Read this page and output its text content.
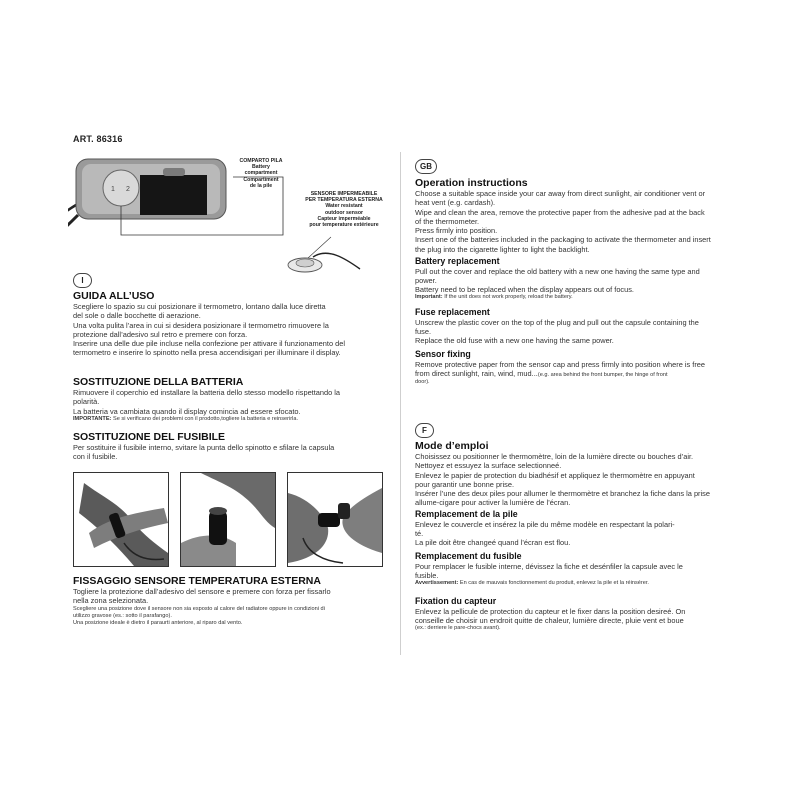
ART. 86316
1 2
COMPARTO PILA
Battery
compartment
Compartiment
de la pile
SENSORE IMPERMEABILE
PER TEMPERATURA ESTERNA
Water resistant
outdoor sensor
Capteur imperméable
pour temperature extérieure
I

GUIDA ALL’USO

Scegliere lo spazio su cui posizionare il termometro, lontano dalla luce diretta

del sole o dalle bocchette di aerazione.

Una volta pulita l’area in cui si desidera posizionare il termometro rimuovere la

protezione dall’adesivo sul retro e premere con forza.

Inserire una delle due pile incluse nella confezione per attivare il funzionamento del

termometro e inserire lo spinotto nella presa accendisigari per illuminare il display.

SOSTITUZIONE DELLA BATTERIA

Rimuovere il coperchio ed installare la batteria dello stesso modello rispettando la

polarità.

La batteria va cambiata quando il display comincia ad essere sfocato.

IMPORTANTE: Se si verificano dei problemi con il prodotto,togliere la batteria e reinserirla.

SOSTITUZIONE DEL FUSIBILE

Per sostituire il fusibile interno, svitare la punta dello spinotto e sfilare la capsula

con il fusibile.

FISSAGGIO SENSORE TEMPERATURA ESTERNA

Togliere la protezione dall’adesivo del sensore e premere con forza per fissarlo

nella zona selezionata.

Scegliere una posizione dove il sensore non sia esposto al calore del radiatore oppure in condizioni di

utilizzo gravose (es.: sotto il parafango).

Una posizione ideale è dietro il paraurti anteriore, al riparo dal vento.

GB

Operation instructions

Choose a suitable space inside your car away from direct sunlight, air conditioner vent or

heat vent (e.g. cardash).

Wipe and clean the area, remove the protective paper from the adhesive pad at the back

of the thermometer.

Press firmly into position.

Insert one of the batteries included in the packaging to activate the thermometer and insert

the plug into the cigarette lighter to light the backlight.

Battery replacement

Pull out the cover and replace the old battery with a new one having the same type and

power.

Battery need to be replaced when the display appears out of focus.

Important: If the unit does not work properly, reload the battery.

Fuse replacement

Unscrew the plastic cover on the top of the plug and pull out the capsule containing the

fuse.

Replace the old fuse with a new one having the same power.

Sensor fixing

Remove protective paper from the sensor cap and press firmly into position where is free

from direct sunlight, rain, wind, mud...(e.g. area behind the front bumper, the hinge of front

door).

F

Mode d’emploi

Choisissez ou positionner le thermomètre, loin de la lumière directe ou bouches d’air.

Nettoyez et essuyez la surface selectionneé.

Enlevez le papier de protection du biadhésif et appliquez le thermomètre en appuyant

pour garantir une bonne prise.

Insérer l’une des deux piles pour allumer le thermomètre et branchez la fiche dans la prise

allume-cigare pour activer la lumière de l’écran.

Remplacement de la pile

Enlevez le couvercle et insérez la pile du même modèle en respectant la polari-

té.

La pile doit être changeé quand l’écran est flou.

Remplacement du fusible

Pour remplacer le fusible interne, dévissez la fiche et desénfiler la capsule avec le

fusible.

Avvertissement: En cas de mauvais fonctionnement du produit, enlevez la pile et la réinsérer.

Fixation du capteur

Enlevez la pellicule de protection du capteur et le fixer dans la position desireé. On

conseille de choisir un endroit quitte de chaleur, lumière directe, pluie vent et boue

(ex.: derriere le pare-chocs avant).
